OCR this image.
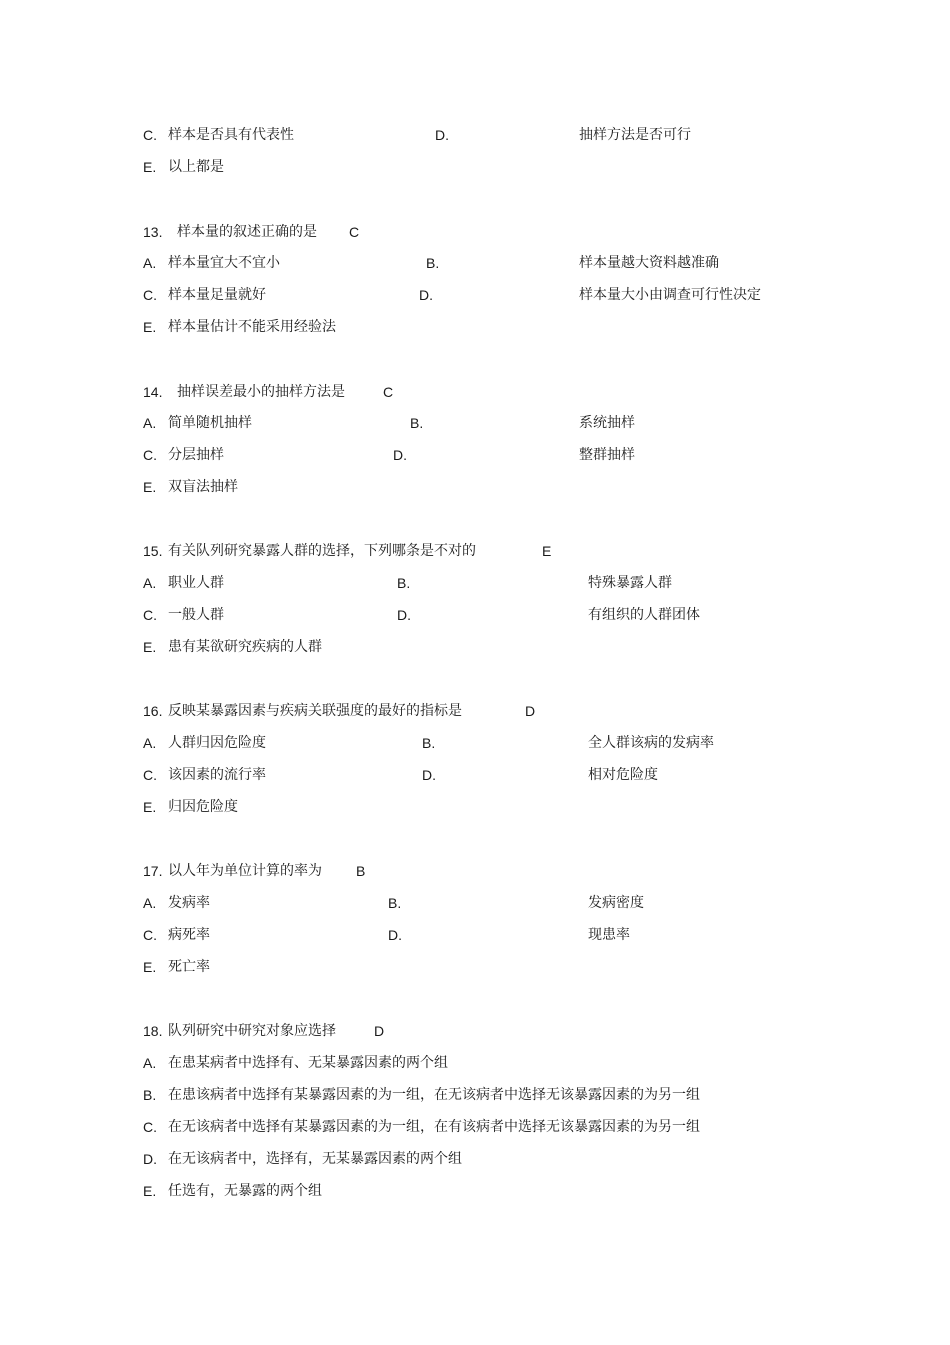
C. 样本是否具有代表性	D.	抽样方法是否可行
E. 以上都是
13. 样本量的叙述正确的是 C
A. 样本量宜大不宜小	B.	样本量越大资料越准确
C. 样本量足量就好	D.	样本量大小由调查可行性决定
E. 样本量估计不能采用经验法
14. 抽样误差最小的抽样方法是	C
A. 简单随机抽样	B.	系统抽样
C. 分层抽样	D.	整群抽样
E. 双盲法抽样
15. 有关队列研究暴露人群的选择，下列哪条是不对的	E
A. 职业人群	B.	特殊暴露人群
C. 一般人群	D.	有组织的人群团体
E. 患有某欲研究疾病的人群
16. 反映某暴露因素与疾病关联强度的最好的指标是	D
A. 人群归因危险度	B.	全人群该病的发病率
C. 该因素的流行率	D.	相对危险度
E. 归因危险度
17. 以人年为单位计算的率为 B
A. 发病率	B.	发病密度
C. 病死率	D.	现患率
E. 死亡率
18. 队列研究中研究对象应选择	D
A. 在患某病者中选择有、无某暴露因素的两个组
B. 在患该病者中选择有某暴露因素的为一组，在无该病者中选择无该暴露因素的为另一组
C. 在无该病者中选择有某暴露因素的为一组，在有该病者中选择无该暴露因素的为另一组
D. 在无该病者中，选择有，无某暴露因素的两个组
E. 任选有，无暴露的两个组
